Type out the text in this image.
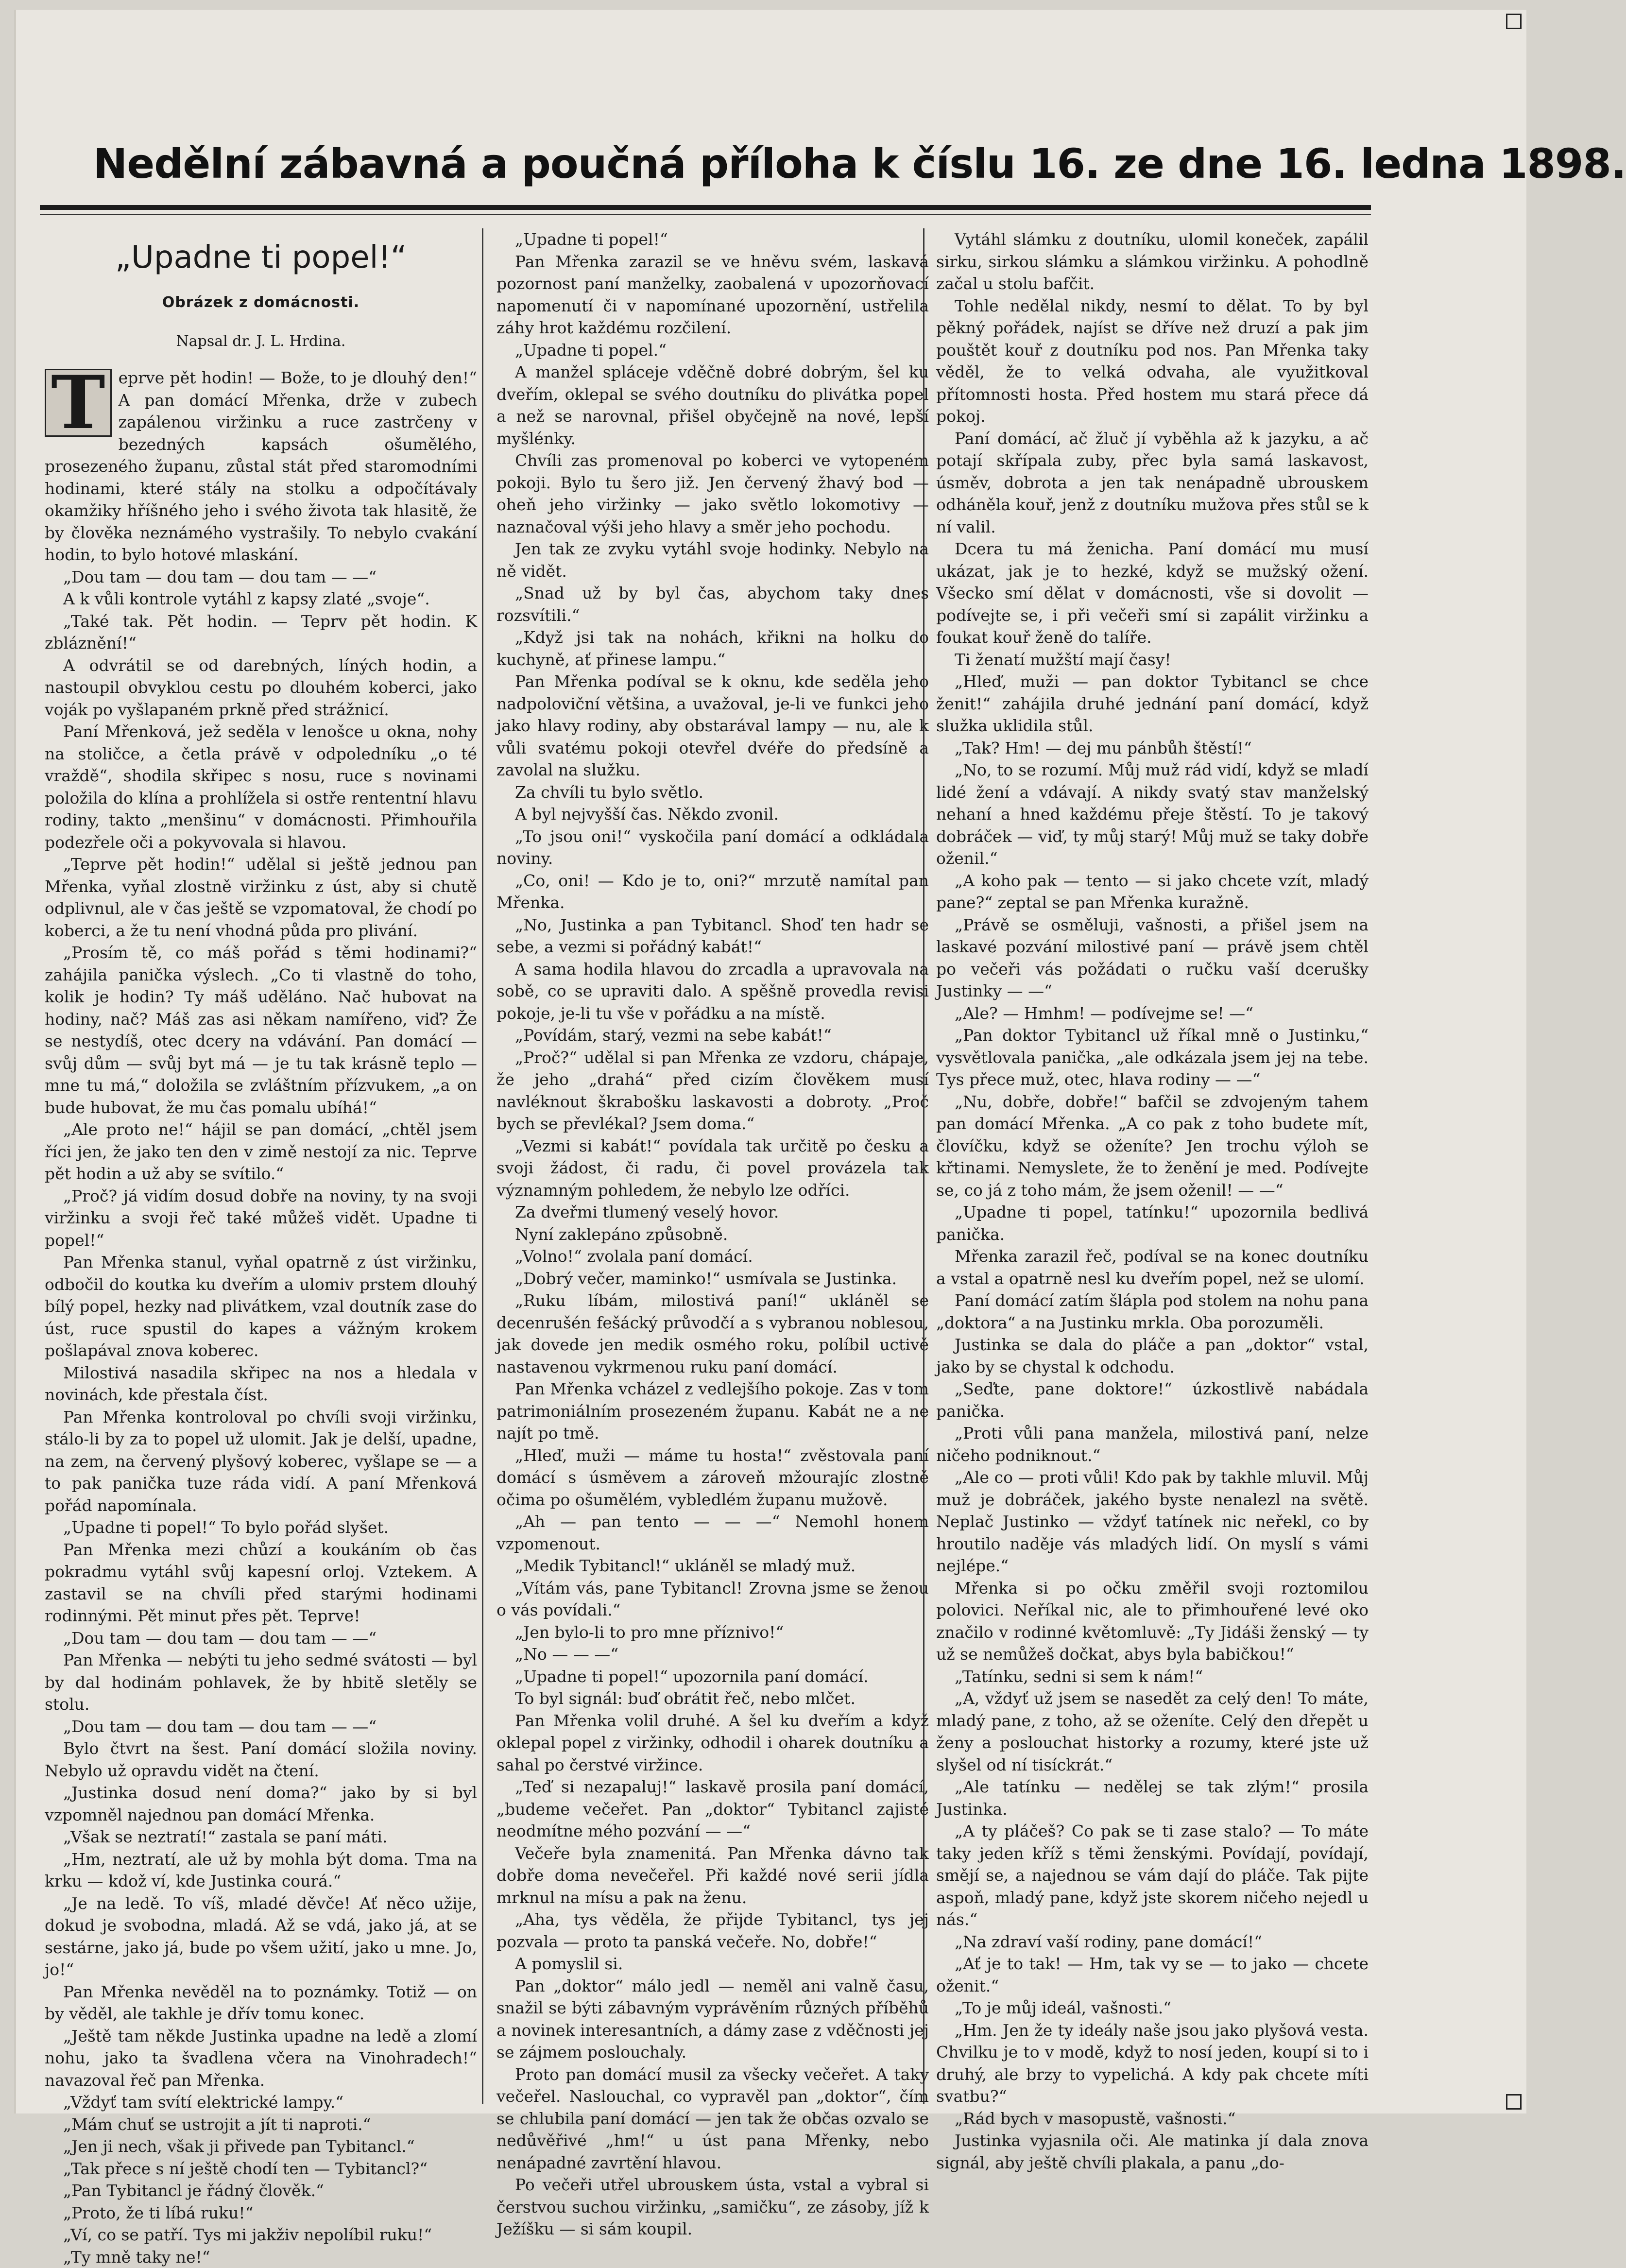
Nedělní zábavná a poučná příloha k číslu 16. ze dne 16. ledna 1898.
„Upadne ti popel!“
Obrázek z domácnosti.
Napsal dr. J. L. Hrdina.
T eprve pět hodin! — Bože, to je dlouhý den!“ A pan domácí Mřenka, drže v zubech zapálenou viržinku a ruce zastrčeny v bezedných kapsách ošumělého, prosezeného županu, zůstal stát před staromodními hodinami, které stály na stolku a odpočítávaly okamžiky hříšného jeho i svého života tak hlasitě, že by člověka neznámého vystrašily. To nebylo cvakání hodin, to bylo hotové mlaskání.

„Dou tam — dou tam — dou tam — —“

A k vůli kontrole vytáhl z kapsy zlaté „svoje“.

„Také tak. Pět hodin. — Teprv pět hodin. K zbláznění!“

A odvrátil se od darebných, líných hodin, a nastoupil obvyklou cestu po dlouhém koberci, jako voják po vyšlapaném prkně před strážnicí.

Paní Mřenková, jež seděla v lenošce u okna, nohy na stoličce, a četla právě v odpoledníku „o té vraždě“, shodila skřipec s nosu, ruce s novinami položila do klína a prohlížela si ostře rententní hlavu rodiny, takto „menšinu“ v domácnosti. Přimhouřila podezřele oči a pokyvovala si hlavou.

„Teprve pět hodin!“ udělal si ještě jednou pan Mřenka, vyňal zlostně viržinku z úst, aby si chutě odplivnul, ale v čas ještě se vzpomatoval, že chodí po koberci, a že tu není vhodná půda pro plivání.

„Prosím tě, co máš pořád s těmi hodinami?“ zahájila panička výslech. „Co ti vlastně do toho, kolik je hodin? Ty máš uděláno. Nač hubovat na hodiny, nač? Máš zas asi někam namířeno, viď? Že se nestydíš, otec dcery na vdávání. Pan domácí — svůj dům — svůj byt má — je tu tak krásně teplo — mne tu má,“ doložila se zvláštním přízvukem, „a on bude hubovat, že mu čas pomalu ubíhá!“

„Ale proto ne!“ hájil se pan domácí, „chtěl jsem říci jen, že jako ten den v zimě nestojí za nic. Teprve pět hodin a už aby se svítilo.“

„Proč? já vidím dosud dobře na noviny, ty na svoji viržinku a svoji řeč také můžeš vidět. Upadne ti popel!“

Pan Mřenka stanul, vyňal opatrně z úst viržinku, odbočil do koutka ku dveřím a ulomiv prstem dlouhý bílý popel, hezky nad plivátkem, vzal doutník zase do úst, ruce spustil do kapes a vážným krokem pošlapával znova koberec.

Milostivá nasadila skřipec na nos a hledala v novinách, kde přestala číst.

Pan Mřenka kontroloval po chvíli svoji viržinku, stálo-li by za to popel už ulomit. Jak je delší, upadne, na zem, na červený plyšový koberec, vyšlape se — a to pak panička tuze ráda vidí. A paní Mřenková pořád napomínala.

„Upadne ti popel!“ To bylo pořád slyšet.

Pan Mřenka mezi chůzí a koukáním ob čas pokradmu vytáhl svůj kapesní orloj. Vztekem. A zastavil se na chvíli před starými hodinami rodinnými. Pět minut přes pět. Teprve!

„Dou tam — dou tam — dou tam — —“

Pan Mřenka — nebýti tu jeho sedmé svátosti — byl by dal hodinám pohlavek, že by hbitě sletěly se stolu.

„Dou tam — dou tam — dou tam — —“

Bylo čtvrt na šest. Paní domácí složila noviny. Nebylo už opravdu vidět na čtení.

„Justinka dosud není doma?“ jako by si byl vzpomněl najednou pan domácí Mřenka.

„Však se neztratí!“ zastala se paní máti.

„Hm, neztratí, ale už by mohla být doma. Tma na krku — kdož ví, kde Justinka courá.“

„Je na ledě. To víš, mladé děvče! Ať něco užije, dokud je svobodna, mladá. Až se vdá, jako já, at se sestárne, jako já, bude po všem užití, jako u mne. Jo, jo!“

Pan Mřenka nevěděl na to poznámky. Totiž — on by věděl, ale takhle je dřív tomu konec.

„Ještě tam někde Justinka upadne na ledě a zlomí nohu, jako ta švadlena včera na Vinohradech!“ navazoval řeč pan Mřenka.

„Vždyť tam svítí elektrické lampy.“

„Mám chuť se ustrojit a jít ti naproti.“

„Jen ji nech, však ji přivede pan Tybitancl.“

„Tak přece s ní ještě chodí ten — Tybitancl?“

„Pan Tybitancl je řádný člověk.“

„Proto, že ti líbá ruku!“

„Ví, co se patří. Tys mi jakživ nepolíbil ruku!“

„Ty mně taky ne!“

„Upadne ti popel!“

Pan Mřenka zarazil se ve hněvu svém, laskavá pozornost paní manželky, zaobalená v upozorňovací napomenutí či v napomínané upozornění, ustřelila záhy hrot každému rozčilení.

„Upadne ti popel.“

A manžel spláceje vděčně dobré dobrým, šel ku dveřím, oklepal se svého doutníku do plivátka popel a než se narovnal, přišel obyčejně na nové, lepší myšlénky.

Chvíli zas promenoval po koberci ve vytopeném pokoji. Bylo tu šero již. Jen červený žhavý bod — oheň jeho viržinky — jako světlo lokomotivy — naznačoval výši jeho hlavy a směr jeho pochodu.

Jen tak ze zvyku vytáhl svoje hodinky. Nebylo na ně vidět.

„Snad už by byl čas, abychom taky dnes rozsvítili.“

„Když jsi tak na nohách, křikni na holku do kuchyně, ať přinese lampu.“

Pan Mřenka podíval se k oknu, kde seděla jeho nadpoloviční většina, a uvažoval, je-li ve funkci jeho jako hlavy rodiny, aby obstarával lampy — nu, ale k vůli svatému pokoji otevřel dvéře do předsíně a zavolal na služku.

Za chvíli tu bylo světlo.

A byl nejvyšší čas. Někdo zvonil.

„To jsou oni!“ vyskočila paní domácí a odkládala noviny.

„Co, oni! — Kdo je to, oni?“ mrzutě namítal pan Mřenka.

„No, Justinka a pan Tybitancl. Shoď ten hadr se sebe, a vezmi si pořádný kabát!“

A sama hodila hlavou do zrcadla a upravovala na sobě, co se upraviti dalo. A spěšně provedla revisi pokoje, je-li tu vše v pořádku a na místě.

„Povídám, starý, vezmi na sebe kabát!“

„Proč?“ udělal si pan Mřenka ze vzdoru, chápaje, že jeho „drahá“ před cizím člověkem musí navléknout škrabošku laskavosti a dobroty. „Proč bych se převlékal? Jsem doma.“

„Vezmi si kabát!“ povídala tak určitě po česku a svoji žádost, či radu, či povel provázela tak významným pohledem, že nebylo lze odříci.

Za dveřmi tlumený veselý hovor.

Nyní zaklepáno způsobně.

„Volno!“ zvolala paní domácí.

„Dobrý večer, maminko!“ usmívala se Justinka.

„Ruku líbám, milostivá paní!“ ukláněl se decenrušén fešácký průvodčí a s vybranou noblesou, jak dovede jen medik osmého roku, políbil uctivě nastavenou vykrmenou ruku paní domácí.

Pan Mřenka vcházel z vedlejšího pokoje. Zas v tom patrimoniálním prosezeném županu. Kabát ne a ne najít po tmě.

„Hleď, muži — máme tu hosta!“ zvěstovala paní domácí s úsměvem a zároveň mžourajíc zlostně očima po ošumělém, vybledlém županu mužově.

„Ah — pan tento — — —“ Nemohl honem vzpomenout.

„Medik Tybitancl!“ ukláněl se mladý muž.

„Vítám vás, pane Tybitancl! Zrovna jsme se ženou o vás povídali.“

„Jen bylo-li to pro mne příznivo!“

„No — — —“

„Upadne ti popel!“ upozornila paní domácí.

To byl signál: buď obrátit řeč, nebo mlčet.

Pan Mřenka volil druhé. A šel ku dveřím a když oklepal popel z viržinky, odhodil i oharek doutníku a sahal po čerstvé viržince.

„Teď si nezapaluj!“ laskavě prosila paní domácí, „budeme večeřet. Pan „doktor“ Tybitancl zajisté neodmítne mého pozvání — —“

Večeře byla znamenitá. Pan Mřenka dávno tak dobře doma nevečeřel. Při každé nové serii jídla mrknul na mísu a pak na ženu.

„Aha, tys věděla, že přijde Tybitancl, tys jej pozvala — proto ta panská večeře. No, dobře!“

A pomyslil si.

Pan „doktor“ málo jedl — neměl ani valně času, snažil se býti zábavným vyprávěním různých příběhů a novinek interesantních, a dámy zase z vděčnosti jej se zájmem poslouchaly.

Proto pan domácí musil za všecky večeřet. A taky večeřel. Naslouchal, co vypravěl pan „doktor“, čím se chlubila paní domácí — jen tak že občas ozvalo se nedůvěřivé „hm!“ u úst pana Mřenky, nebo nenápadné zavrtění hlavou.

Po večeři utřel ubrouskem ústa, vstal a vybral si čerstvou suchou viržinku, „samičku“, ze zásoby, jíž k Ježíšku — si sám koupil.

Vytáhl slámku z doutníku, ulomil koneček, zapálil sirku, sirkou slámku a slámkou viržinku. A pohodlně začal u stolu bafčit.

Tohle nedělal nikdy, nesmí to dělat. To by byl pěkný pořádek, najíst se dříve než druzí a pak jim pouštět kouř z doutníku pod nos. Pan Mřenka taky věděl, že to velká odvaha, ale využitkoval přítomnosti hosta. Před hostem mu stará přece dá pokoj.

Paní domácí, ač žluč jí vyběhla až k jazyku, a ač potají skřípala zuby, přec byla samá laskavost, úsměv, dobrota a jen tak nenápadně ubrouskem odháněla kouř, jenž z doutníku mužova přes stůl se k ní valil.

Dcera tu má ženicha. Paní domácí mu musí ukázat, jak je to hezké, když se mužský ožení. Všecko smí dělat v domácnosti, vše si dovolit — podívejte se, i při večeři smí si zapálit viržinku a foukat kouř ženě do talíře.

Ti ženatí mužští mají časy!

„Hleď, muži — pan doktor Tybitancl se chce ženit!“ zahájila druhé jednání paní domácí, když služka uklidila stůl.

„Tak? Hm! — dej mu pánbůh štěstí!“

„No, to se rozumí. Můj muž rád vidí, když se mladí lidé žení a vdávají. A nikdy svatý stav manželský nehaní a hned každému přeje štěstí. To je takový dobráček — viď, ty můj starý! Můj muž se taky dobře oženil.“

„A koho pak — tento — si jako chcete vzít, mladý pane?“ zeptal se pan Mřenka kuražně.

„Právě se osměluji, vašnosti, a přišel jsem na laskavé pozvání milostivé paní — právě jsem chtěl po večeři vás požádati o ručku vaší dcerušky Justinky — —“

„Ale? — Hmhm! — podívejme se! —“

„Pan doktor Tybitancl už říkal mně o Justinku,“ vysvětlovala panička, „ale odkázala jsem jej na tebe. Tys přece muž, otec, hlava rodiny — —“

„Nu, dobře, dobře!“ bafčil se zdvojeným tahem pan domácí Mřenka. „A co pak z toho budete mít, človíčku, když se oženíte? Jen trochu výloh se křtinami. Nemyslete, že to ženění je med. Podívejte se, co já z toho mám, že jsem oženil! — —“

„Upadne ti popel, tatínku!“ upozornila bedlivá panička.

Mřenka zarazil řeč, podíval se na konec doutníku a vstal a opatrně nesl ku dveřím popel, než se ulomí.

Paní domácí zatím šlápla pod stolem na nohu pana „doktora“ a na Justinku mrkla. Oba porozuměli.

Justinka se dala do pláče a pan „doktor“ vstal, jako by se chystal k odchodu.

„Seďte, pane doktore!“ úzkostlivě nabádala panička.

„Proti vůli pana manžela, milostivá paní, nelze ničeho podniknout.“

„Ale co — proti vůli! Kdo pak by takhle mluvil. Můj muž je dobráček, jakého byste nenalezl na světě. Neplač Justinko — vždyť tatínek nic neřekl, co by hroutilo naděje vás mladých lidí. On myslí s vámi nejlépe.“

Mřenka si po očku změřil svoji roztomilou polovici. Neříkal nic, ale to přimhouřené levé oko značilo v rodinné květomluvě: „Ty Jidáši ženský — ty už se nemůžeš dočkat, abys byla babičkou!“

„Tatínku, sedni si sem k nám!“

„A, vždyť už jsem se nasedět za celý den! To máte, mladý pane, z toho, až se oženíte. Celý den dřepět u ženy a poslouchat historky a rozumy, které jste už slyšel od ní tisíckrát.“

„Ale tatínku — nedělej se tak zlým!“ prosila Justinka.

„A ty pláčeš? Co pak se ti zase stalo? — To máte taky jeden kříž s těmi ženskými. Povídají, povídají, smějí se, a najednou se vám dají do pláče. Tak pijte aspoň, mladý pane, když jste skorem ničeho nejedl u nás.“

„Na zdraví vaší rodiny, pane domácí!“

„Ať je to tak! — Hm, tak vy se — to jako — chcete oženit.“

„To je můj ideál, vašnosti.“

„Hm. Jen že ty ideály naše jsou jako plyšová vesta. Chvilku je to v modě, když to nosí jeden, koupí si to i druhý, ale brzy to vypelichá. A kdy pak chcete míti svatbu?“

„Rád bych v masopustě, vašnosti.“

Justinka vyjasnila oči. Ale matinka jí dala znova signál, aby ještě chvíli plakala, a panu „do-
